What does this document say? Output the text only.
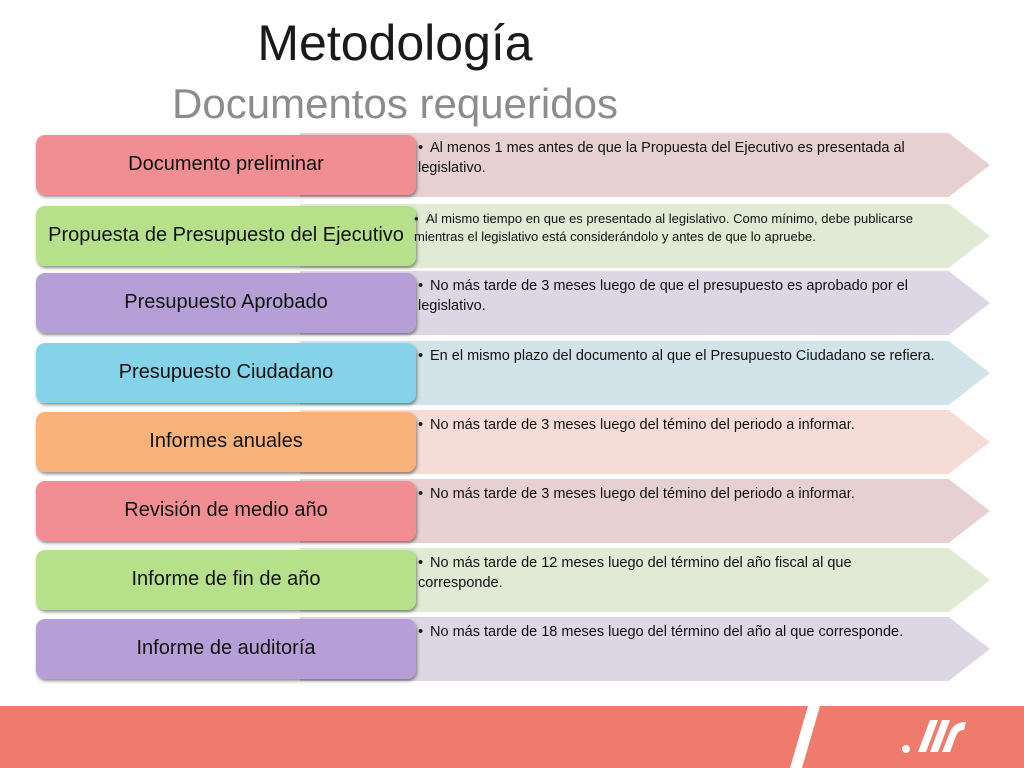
Metodología
Documentos requeridos
Documento preliminar
• Al menos 1 mes antes de que la Propuesta del Ejecutivo es presentada al legislativo.
Propuesta de Presupuesto del Ejecutivo
• Al mismo tiempo en que es presentado al legislativo. Como mínimo, debe publicarse mientras el legislativo está considerándolo y antes de que lo apruebe.
Presupuesto Aprobado
• No más tarde de 3 meses luego de que el presupuesto es aprobado por el legislativo.
Presupuesto Ciudadano
• En el mismo plazo del documento al que el Presupuesto Ciudadano se refiera.
Informes anuales
• No más tarde de 3 meses luego del témino del periodo a informar.
Revisión de medio año
• No más tarde de 3 meses luego del témino del periodo a informar.
Informe de fin de año
• No más tarde de 12 meses luego del término del año fiscal al que corresponde.
Informe de auditoría
• No más tarde de 18 meses luego del término del año al que corresponde.
